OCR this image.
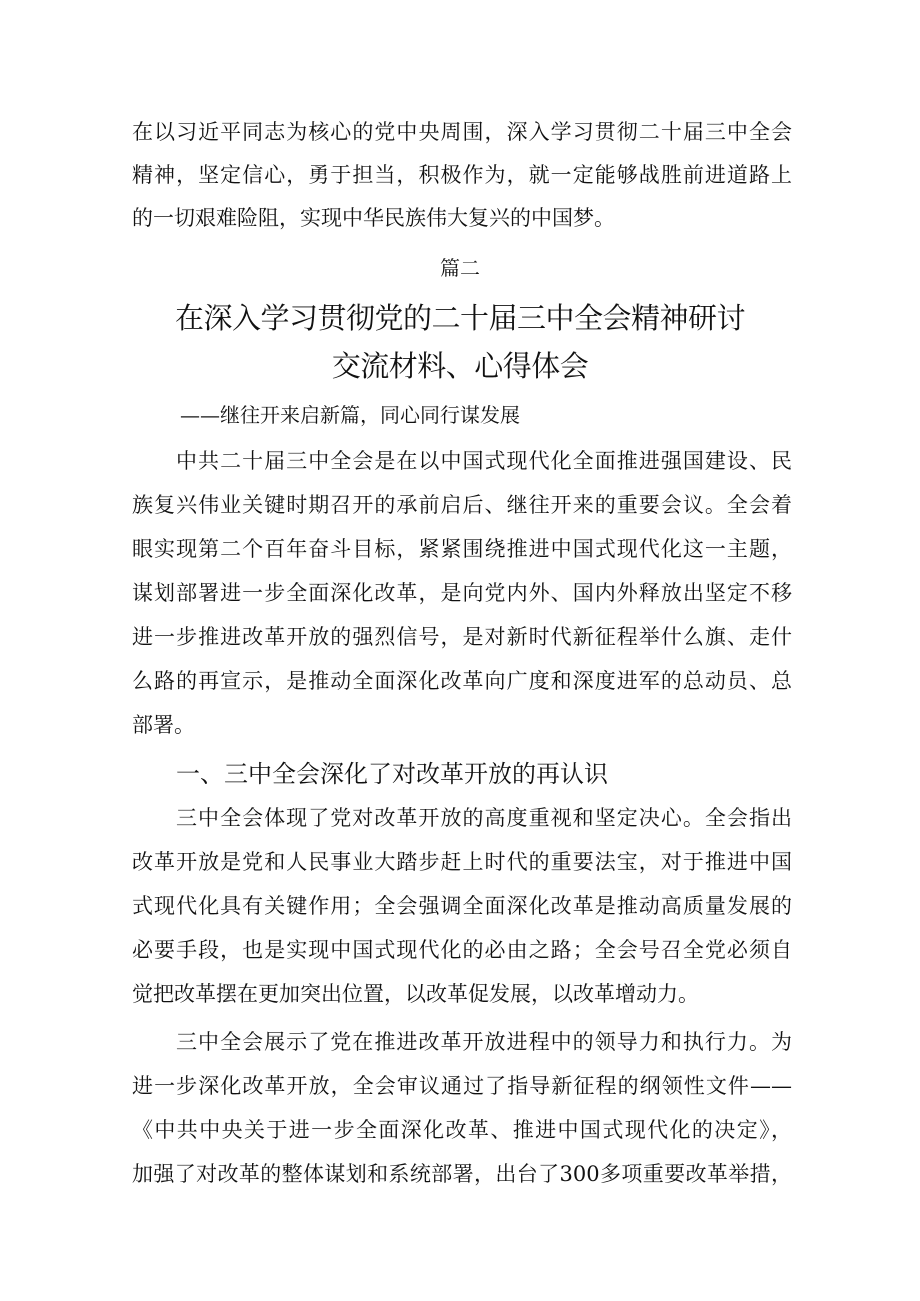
在以习近平同志为核心的党中央周围，深入学习贯彻二十届三中全会
精神，坚定信心，勇于担当，积极作为，就一定能够战胜前进道路上
的一切艰难险阻，实现中华民族伟大复兴的中国梦。
篇二
在深入学习贯彻党的二十届三中全会精神研讨
交流材料、心得体会
——继往开来启新篇，同心同行谋发展
中共二十届三中全会是在以中国式现代化全面推进强国建设、民
族复兴伟业关键时期召开的承前启后、继往开来的重要会议。全会着
眼实现第二个百年奋斗目标，紧紧围绕推进中国式现代化这一主题，
谋划部署进一步全面深化改革，是向党内外、国内外释放出坚定不移
进一步推进改革开放的强烈信号，是对新时代新征程举什么旗、走什
么路的再宣示，是推动全面深化改革向广度和深度进军的总动员、总
部署。
一、三中全会深化了对改革开放的再认识
三中全会体现了党对改革开放的高度重视和坚定决心。全会指出
改革开放是党和人民事业大踏步赶上时代的重要法宝，对于推进中国
式现代化具有关键作用；全会强调全面深化改革是推动高质量发展的
必要手段，也是实现中国式现代化的必由之路；全会号召全党必须自
觉把改革摆在更加突出位置，以改革促发展，以改革增动力。
三中全会展示了党在推进改革开放进程中的领导力和执行力。为
进一步深化改革开放，全会审议通过了指导新征程的纲领性文件——
《中共中央关于进一步全面深化改革、推进中国式现代化的决定》，
加强了对改革的整体谋划和系统部署，出台了300多项重要改革举措，
